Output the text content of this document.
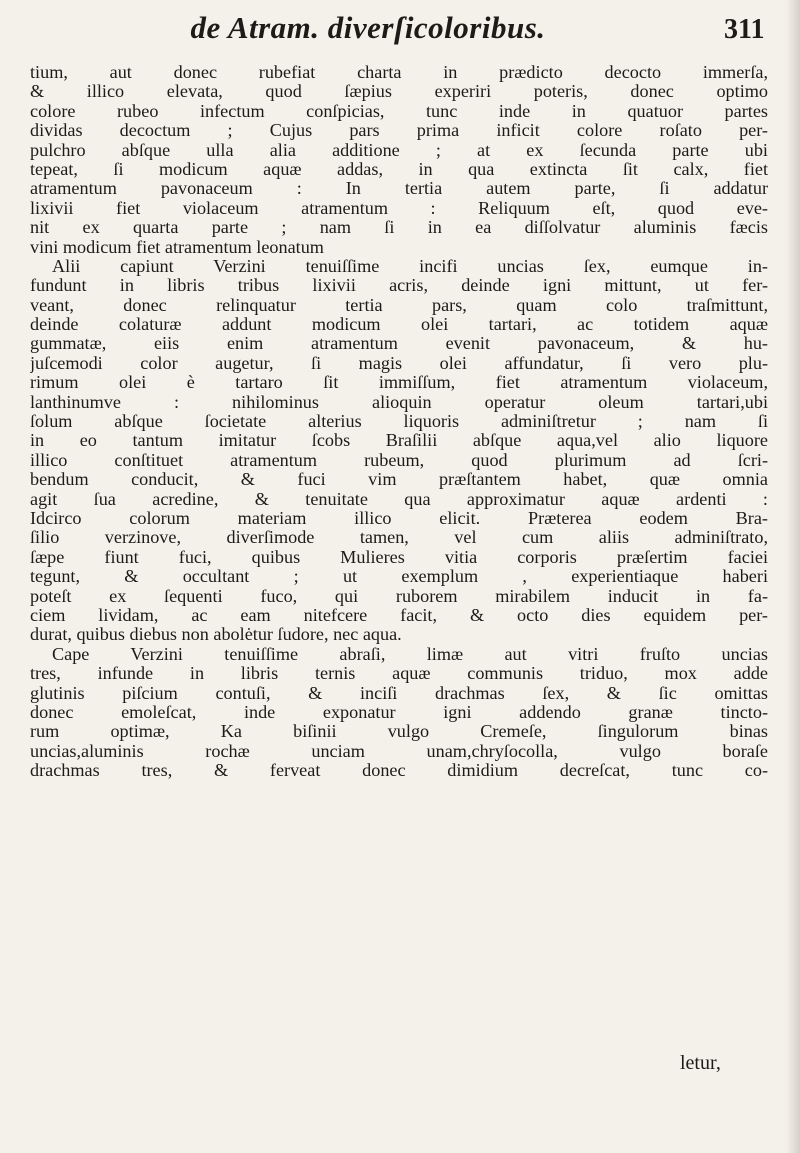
de Atram. diverſicoloribus.	311
tium, aut donec rubefiat charta in prædicto decocto immerſa,
& illico elevata, quod ſæpius experiri poteris, donec optimo
colore rubeo infectum conſpicias, tunc inde in quatuor partes
dividas decoctum ; Cujus pars prima inficit colore roſato per-
pulchro abſque ulla alia additione ; at ex ſecunda parte ubi
tepeat, ſi modicum aquæ addas, in qua extincta ſit calx, fiet
atramentum pavonaceum : In tertia autem parte, ſi addatur
lixivii fiet violaceum atramentum : Reliquum eſt, quod eve-
nit ex quarta parte ; nam ſi in ea diſſolvatur aluminis fæcis
vini modicum fiet atramentum leonatum
Alii capiunt Verzini tenuiſſime incifi uncias ſex, eumque in-
fundunt in libris tribus lixivii acris, deinde igni mittunt, ut fer-
veant, donec relinquatur tertia pars, quam colo traſmittunt,
deinde colaturæ addunt modicum olei tartari, ac totidem aquæ
gummatæ, eiis enim atramentum evenit pavonaceum, & hu-
juſcemodi color augetur, ſi magis olei affundatur, ſi vero plu-
rimum olei è tartaro ſit immiſſum, fiet atramentum violaceum,
lanthinumve : nihilominus alioquin operatur oleum tartari,ubi
ſolum abſque ſocietate alterius liquoris adminiſtretur ; nam ſi
in eo tantum imitatur ſcobs Braſilii abſque aqua,vel alio liquore
illico conſtituet atramentum rubeum, quod plurimum ad ſcri-
bendum conducit, & fuci vim præſtantem habet, quæ omnia
agit ſua acredine, & tenuitate qua approximatur aquæ ardenti :
Idcirco colorum materiam illico elicit. Præterea eodem Bra-
ſilio verzinove, diverſimode tamen, vel cum aliis adminiſtrato,
ſæpe fiunt fuci, quibus Mulieres vitia corporis præſertim faciei
tegunt, & occultant ; ut exemplum , experientiaque haberi
poteſt ex ſequenti fuco, qui ruborem mirabilem inducit in fa-
ciem lividam, ac eam nitefcere facit, & octo dies equidem per-
durat, quibus diebus non abolėtur ſudore, nec aqua.
Cape Verzini tenuiſſime abraſi, limæ aut vitri fruſto uncias
tres, infunde in libris ternis aquæ communis triduo, mox adde
glutinis piſcium contuſi, & inciſi drachmas ſex, & ſic omittas
donec emoleſcat, inde exponatur igni addendo granæ tincto-
rum optimæ, Ka biſinii vulgo Cremeſe, ſingulorum binas
uncias,aluminis rochæ unciam unam,chryſocolla, vulgo boraſe
drachmas tres, & ferveat donec dimidium decreſcat, tunc co-
letur,
